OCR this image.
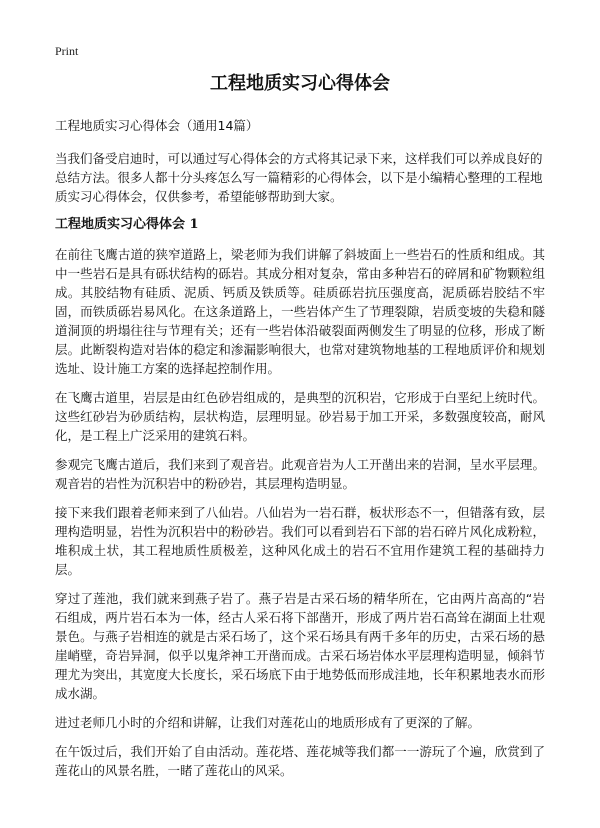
Print
工程地质实习心得体会

工程地质实习心得体会（通用14篇）

当我们备受启迪时，可以通过写心得体会的方式将其记录下来，这样我们可以养成良好的总结方法。很多人都十分头疼怎么写一篇精彩的心得体会，以下是小编精心整理的工程地质实习心得体会，仅供参考，希望能够帮助到大家。

工程地质实习心得体会 1

在前往飞鹰古道的狭窄道路上，梁老师为我们讲解了斜坡面上一些岩石的性质和组成。其中一些岩石是具有砾状结构的砾岩。其成分相对复杂，常由多种岩石的碎屑和矿物颗粒组成。其胶结物有硅质、泥质、钙质及铁质等。硅质砾岩抗压强度高，泥质砾岩胶结不牢固，而铁质砾岩易风化。在这条道路上，一些岩体产生了节理裂隙，岩质变坡的失稳和隧道洞顶的坍塌往往与节理有关；还有一些岩体沿破裂面两侧发生了明显的位移，形成了断层。此断裂构造对岩体的稳定和渗漏影响很大，也常对建筑物地基的工程地质评价和规划选址、设计施工方案的选择起控制作用。

在飞鹰古道里，岩层是由红色砂岩组成的，是典型的沉积岩，它形成于白垩纪上统时代。这些红砂岩为砂质结构，层状构造，层理明显。砂岩易于加工开采，多数强度较高，耐风化，是工程上广泛采用的建筑石料。

参观完飞鹰古道后，我们来到了观音岩。此观音岩为人工开凿出来的岩洞，呈水平层理。观音岩的岩性为沉积岩中的粉砂岩，其层理构造明显。

接下来我们跟着老师来到了八仙岩。八仙岩为一岩石群，板状形态不一，但错落有致，层理构造明显，岩性为沉积岩中的粉砂岩。我们可以看到岩石下部的岩石碎片风化成粉粒，堆积成土状，其工程地质性质极差，这种风化成土的岩石不宜用作建筑工程的基础持力层。

穿过了莲池，我们就来到燕子岩了。燕子岩是古采石场的精华所在，它由两片高高的“岩石组成，两片岩石本为一体，经古人采石将下部凿开，形成了两片岩石高耸在湖面上壮观景色。与燕子岩相连的就是古采石场了，这个采石场具有两千多年的历史，古采石场的悬崖峭壁，奇岩异洞，似乎以鬼斧神工开凿而成。古采石场岩体水平层理构造明显，倾斜节理尤为突出，其宽度大长度长，采石场底下由于地势低而形成洼地，长年积累地表水而形成水湖。

进过老师几小时的介绍和讲解，让我们对莲花山的地质形成有了更深的了解。

在午饭过后，我们开始了自由活动。莲花塔、莲花城等我们都一一游玩了个遍，欣赏到了莲花山的风景名胜，一睹了莲花山的风采。
